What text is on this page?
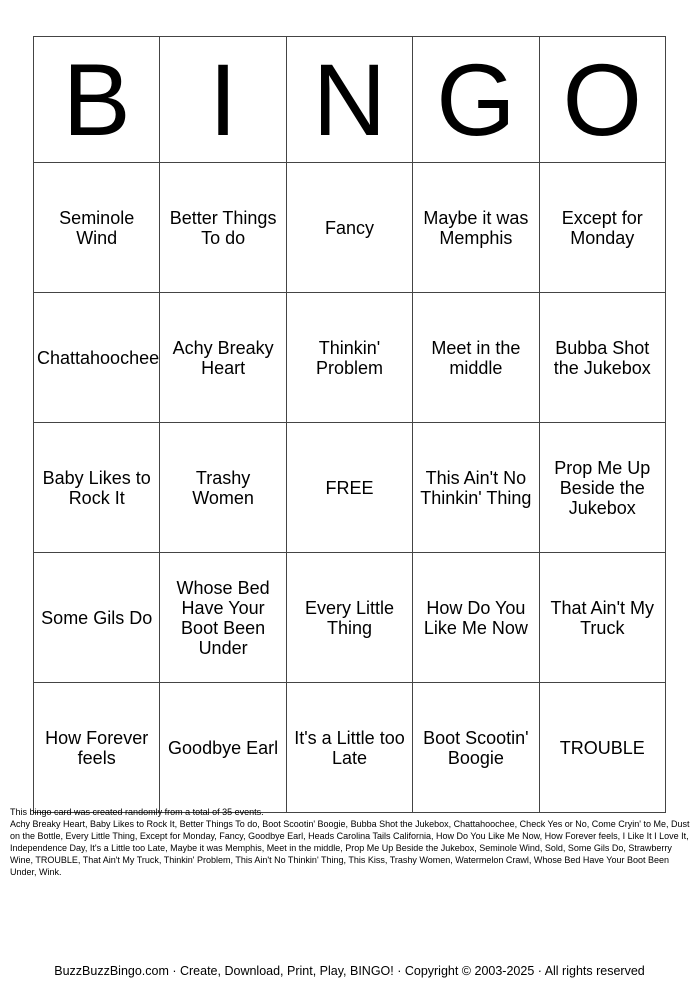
B	I	N	G	O
Seminole Wind	Better Things To do	Fancy	Maybe it was Memphis	Except for Monday
Chattahoochee	Achy Breaky Heart	Thinkin' Problem	Meet in the middle	Bubba Shot the Jukebox
Baby Likes to Rock It	Trashy Women	FREE	This Ain't No Thinkin' Thing	Prop Me Up Beside the Jukebox
Some Gils Do	Whose Bed Have Your Boot Been Under	Every Little Thing	How Do You Like Me Now	That Ain't My Truck
How Forever feels	Goodbye Earl	It's a Little too Late	Boot Scootin' Boogie	TROUBLE
This bingo card was created randomly from a total of 35 events.
Achy Breaky Heart, Baby Likes to Rock It, Better Things To do, Boot Scootin' Boogie, Bubba Shot the Jukebox, Chattahoochee, Check Yes or No, Come Cryin' to Me, Dust on the Bottle, Every Little Thing, Except for Monday, Fancy, Goodbye Earl, Heads Carolina Tails California, How Do You Like Me Now, How Forever feels, I Like It I Love It, Independence Day, It's a Little too Late, Maybe it was Memphis, Meet in the middle, Prop Me Up Beside the Jukebox, Seminole Wind, Sold, Some Gils Do, Strawberry Wine, TROUBLE, That Ain't My Truck, Thinkin' Problem, This Ain't No Thinkin' Thing, This Kiss, Trashy Women, Watermelon Crawl, Whose Bed Have Your Boot Been Under, Wink.
BuzzBuzzBingo.com · Create, Download, Print, Play, BINGO! · Copyright © 2003-2025 · All rights reserved
